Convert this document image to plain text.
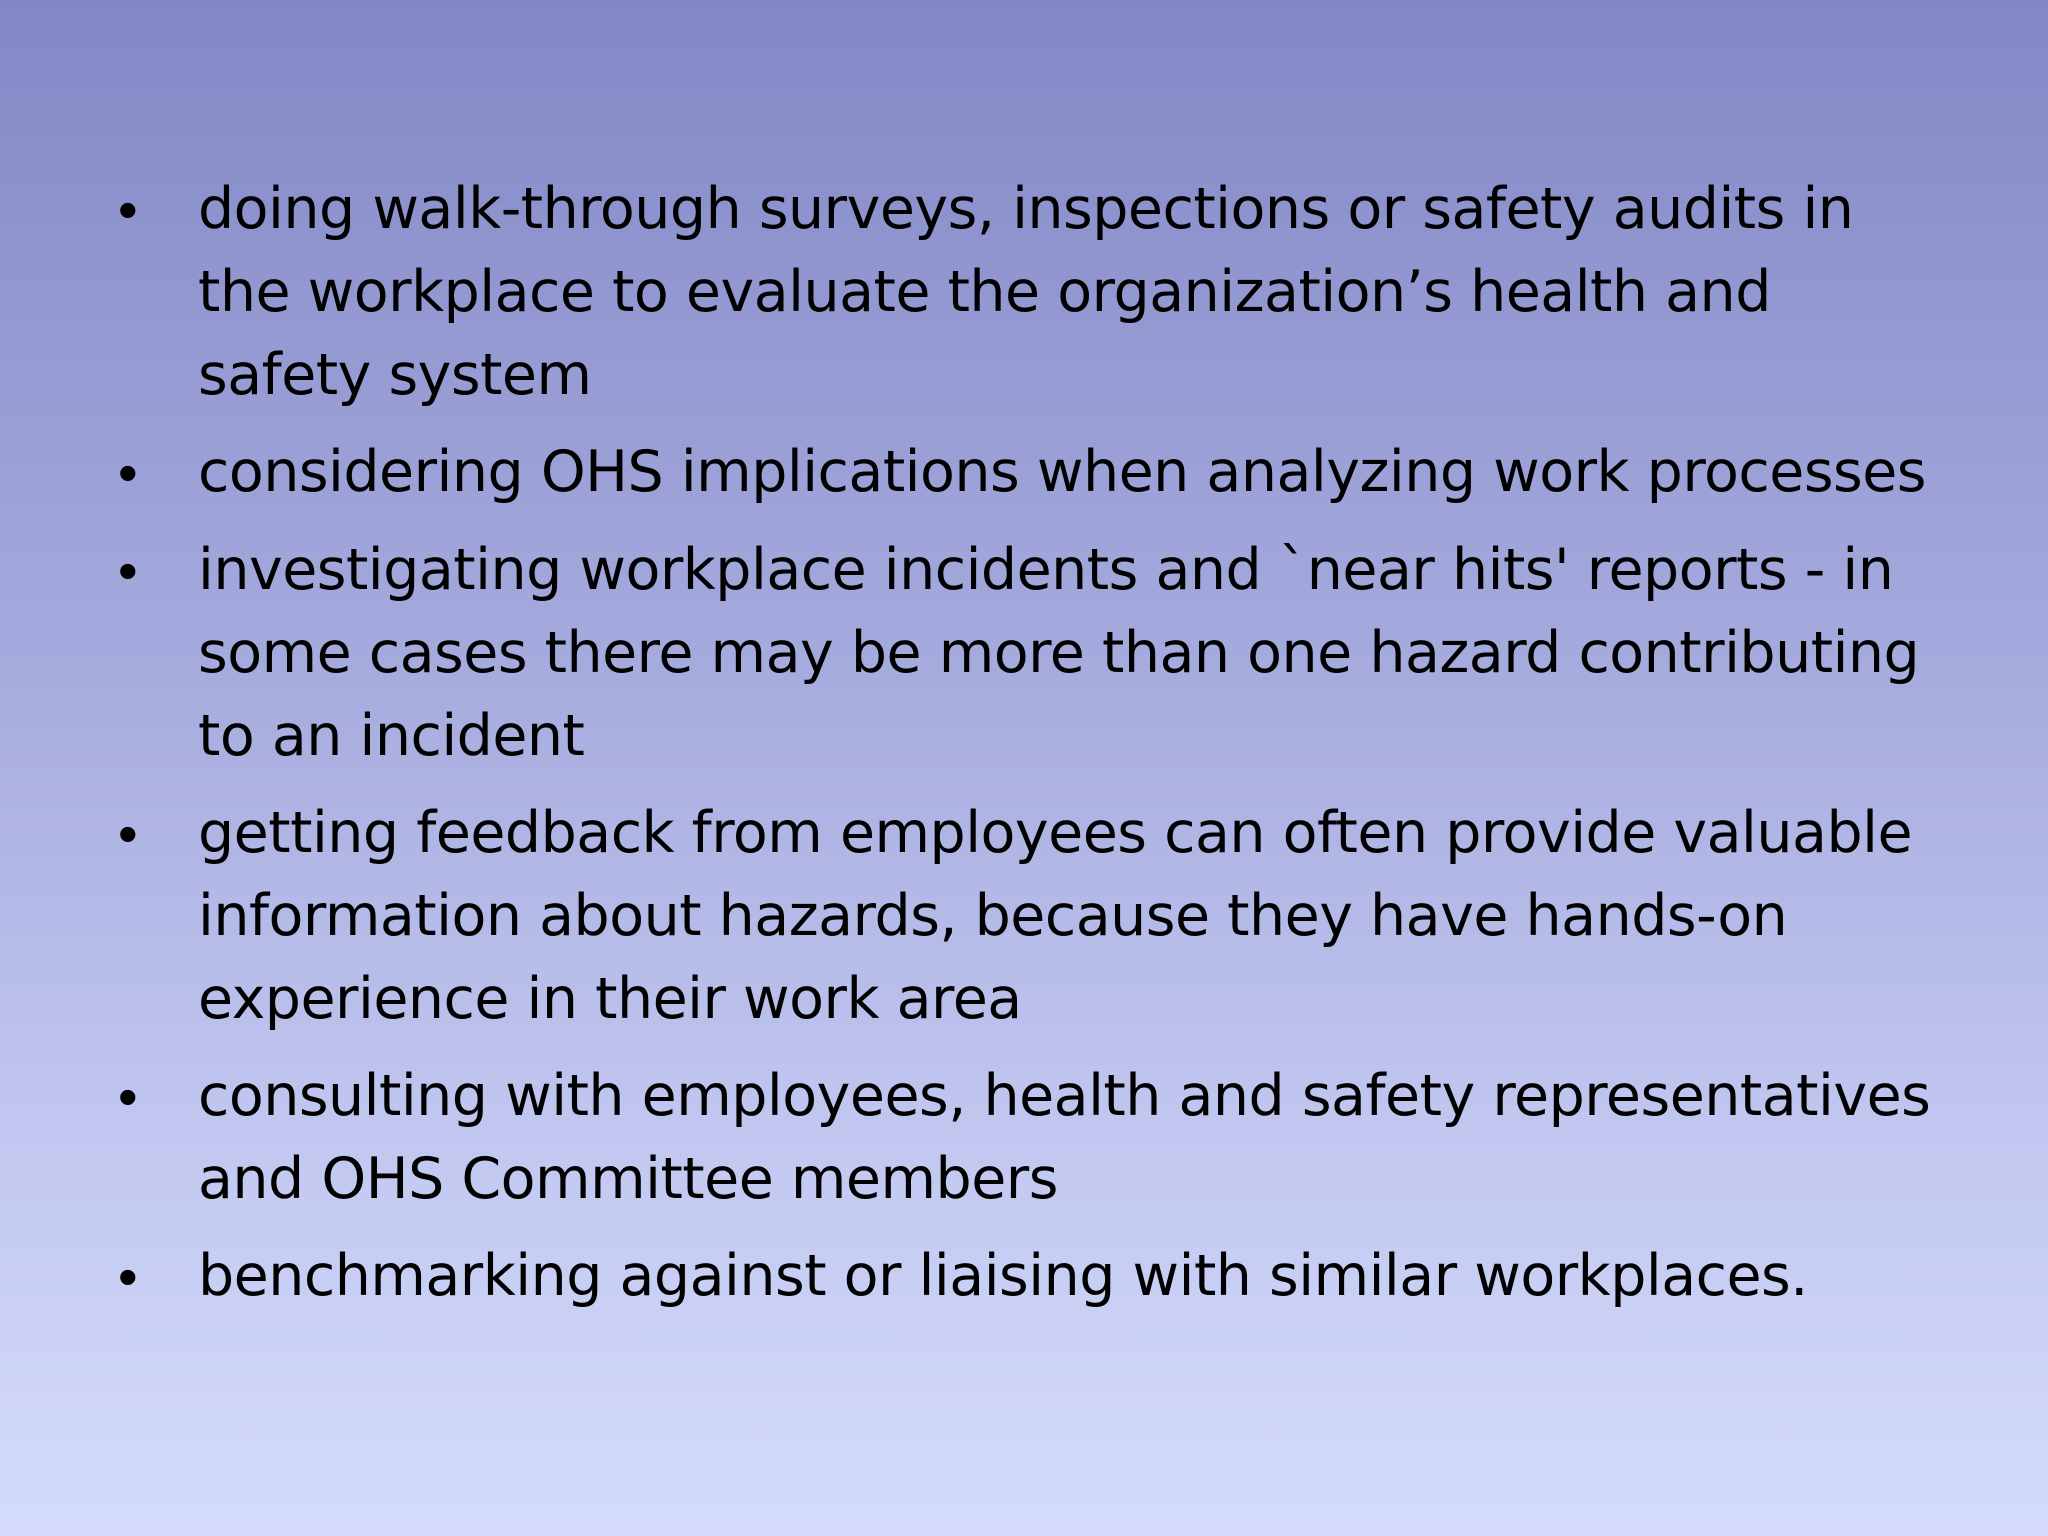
•	doing walk-through surveys, inspections or safety audits in
the workplace to evaluate the organization’s health and
safety system
•	considering OHS implications when analyzing work processes
•	investigating workplace incidents and `near hits' reports - in
some cases there may be more than one hazard contributing
to an incident
•	getting feedback from employees can often provide valuable
information about hazards, because they have hands-on
experience in their work area
•	consulting with employees, health and safety representatives
and OHS Committee members
•	benchmarking against or liaising with similar workplaces.
